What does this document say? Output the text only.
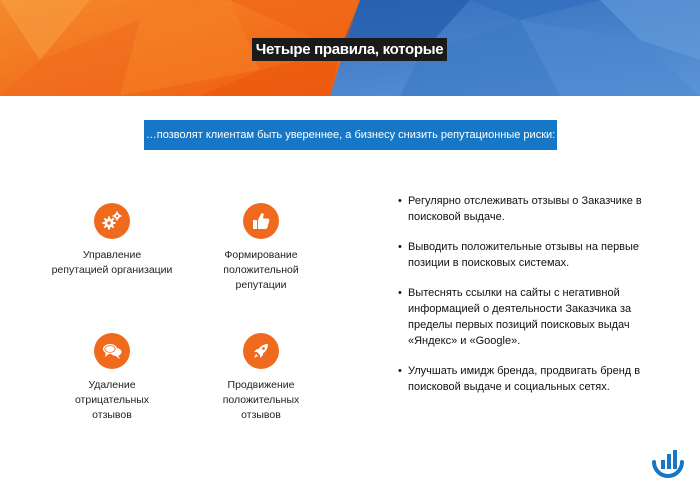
Четыре правила, которые
…позволят клиентам быть увереннее, а бизнесу снизить репутационные риски:
Управление
репутацией организации
Формирование
положительной
репутации
Удаление
отрицательных
отзывов
Продвижение
положительных
отзывов
• Регулярно отслеживать отзывы о Заказчике в поисковой выдаче.
• Выводить положительные отзывы на первые позиции в поисковых системах.
• Вытеснять ссылки на сайты с негативной информацией о деятельности Заказчика за пределы первых позиций поисковых выдач «Яндекс» и «Google».
• Улучшать имидж бренда, продвигать бренд в поисковой выдаче и социальных сетях.
